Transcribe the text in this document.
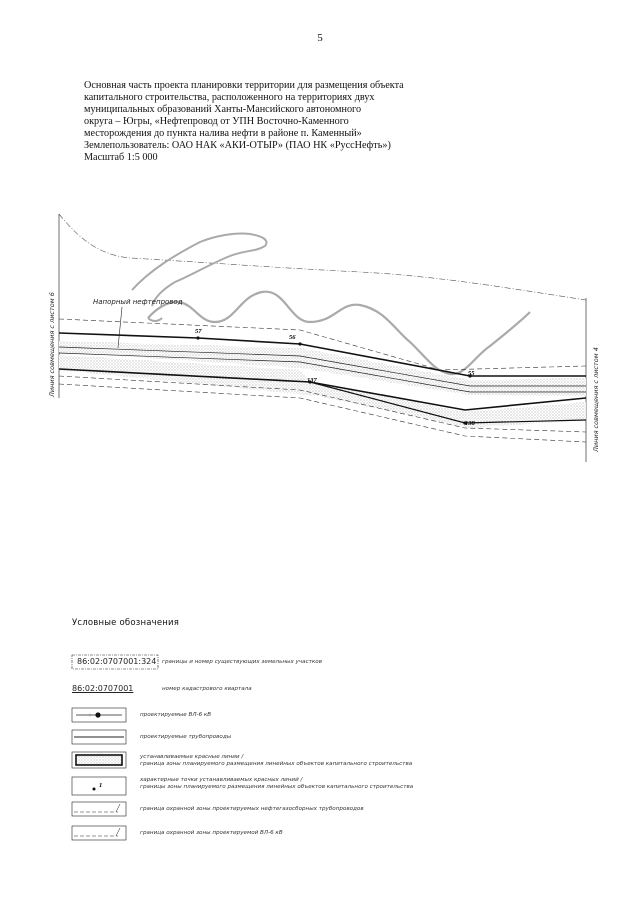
5
Основная часть проекта планировки территории для размещения объекта
капитального строительства, расположенного на территориях двух
муниципальных образований Ханты-Мансийского автономного
округа – Югры, «Нефтепровод от УПН Восточно-Каменного
месторождения до пункта налива нефти в районе п. Каменный»
Землепользователь: ОАО НАК «АКИ-ОТЫР» (ПАО НК «РуссНефть»)
Масштаб 1:5 000
57
56
55
137
138
Напорный нефтепровод
Линия совмещения с листом 6
Линия совмещения с листом 4
1
Условные обозначения
86:02:0707001:324
86:02:0707001
границы и номер существующих земельных участков
номер кадастрового квартала
проектируемые ВЛ-6 кВ
проектируемые трубопроводы
устанавливаемые красные линии /
граница зоны планируемого размещения линейных объектов капитального строительства
характерные точки устанавливаемых красных линий /
границы зоны планируемого размещения линейных объектов капитального строительства
граница охранной зоны проектируемых нефтегазосборных трубопроводов
граница охранной зоны проектируемой ВЛ-6 кВ
